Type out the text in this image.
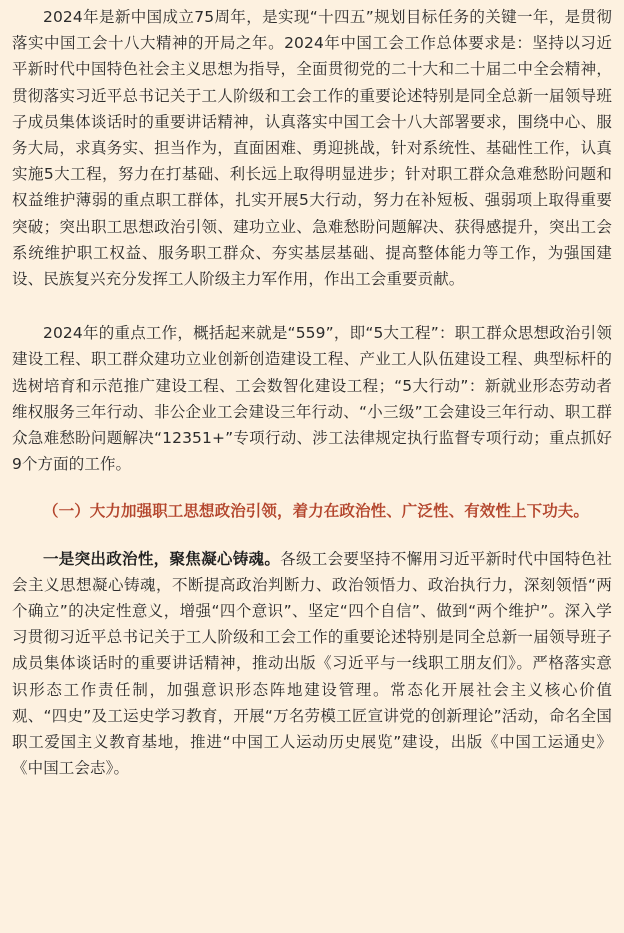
2024年是新中国成立75周年，是实现“十四五”规划目标任务的关键一年，是贯彻落实中国工会十八大精神的开局之年。2024年中国工会工作总体要求是：坚持以习近平新时代中国特色社会主义思想为指导，全面贯彻党的二十大和二十届二中全会精神，贯彻落实习近平总书记关于工人阶级和工会工作的重要论述特别是同全总新一届领导班子成员集体谈话时的重要讲话精神，认真落实中国工会十八大部署要求，围绕中心、服务大局，求真务实、担当作为，直面困难、勇迎挑战，针对系统性、基础性工作，认真实施5大工程，努力在打基础、利长远上取得明显进步；针对职工群众急难愁盼问题和权益维护薄弱的重点职工群体，扎实开展5大行动，努力在补短板、强弱项上取得重要突破；突出职工思想政治引领、建功立业、急难愁盼问题解决、获得感提升，突出工会系统维护职工权益、服务职工群众、夯实基层基础、提高整体能力等工作，为强国建设、民族复兴充分发挥工人阶级主力军作用，作出工会重要贡献。

2024年的重点工作，概括起来就是“559”，即“5大工程”：职工群众思想政治引领建设工程、职工群众建功立业创新创造建设工程、产业工人队伍建设工程、典型标杆的选树培育和示范推广建设工程、工会数智化建设工程；“5大行动”：新就业形态劳动者维权服务三年行动、非公企业工会建设三年行动、“小三级”工会建设三年行动、职工群众急难愁盼问题解决“12351+”专项行动、涉工法律规定执行监督专项行动；重点抓好9个方面的工作。

（一）大力加强职工思想政治引领，着力在政治性、广泛性、有效性上下功夫。

一是突出政治性，聚焦凝心铸魂。各级工会要坚持不懈用习近平新时代中国特色社会主义思想凝心铸魂，不断提高政治判断力、政治领悟力、政治执行力，深刻领悟“两个确立”的决定性意义，增强“四个意识”、坚定“四个自信”、做到“两个维护”。深入学习贯彻习近平总书记关于工人阶级和工会工作的重要论述特别是同全总新一届领导班子成员集体谈话时的重要讲话精神，推动出版《习近平与一线职工朋友们》。严格落实意识形态工作责任制，加强意识形态阵地建设管理。常态化开展社会主义核心价值观、“四史”及工运史学习教育，开展“万名劳模工匠宣讲党的创新理论”活动，命名全国职工爱国主义教育基地，推进“中国工人运动历史展览”建设，出版《中国工运通史》《中国工会志》。
